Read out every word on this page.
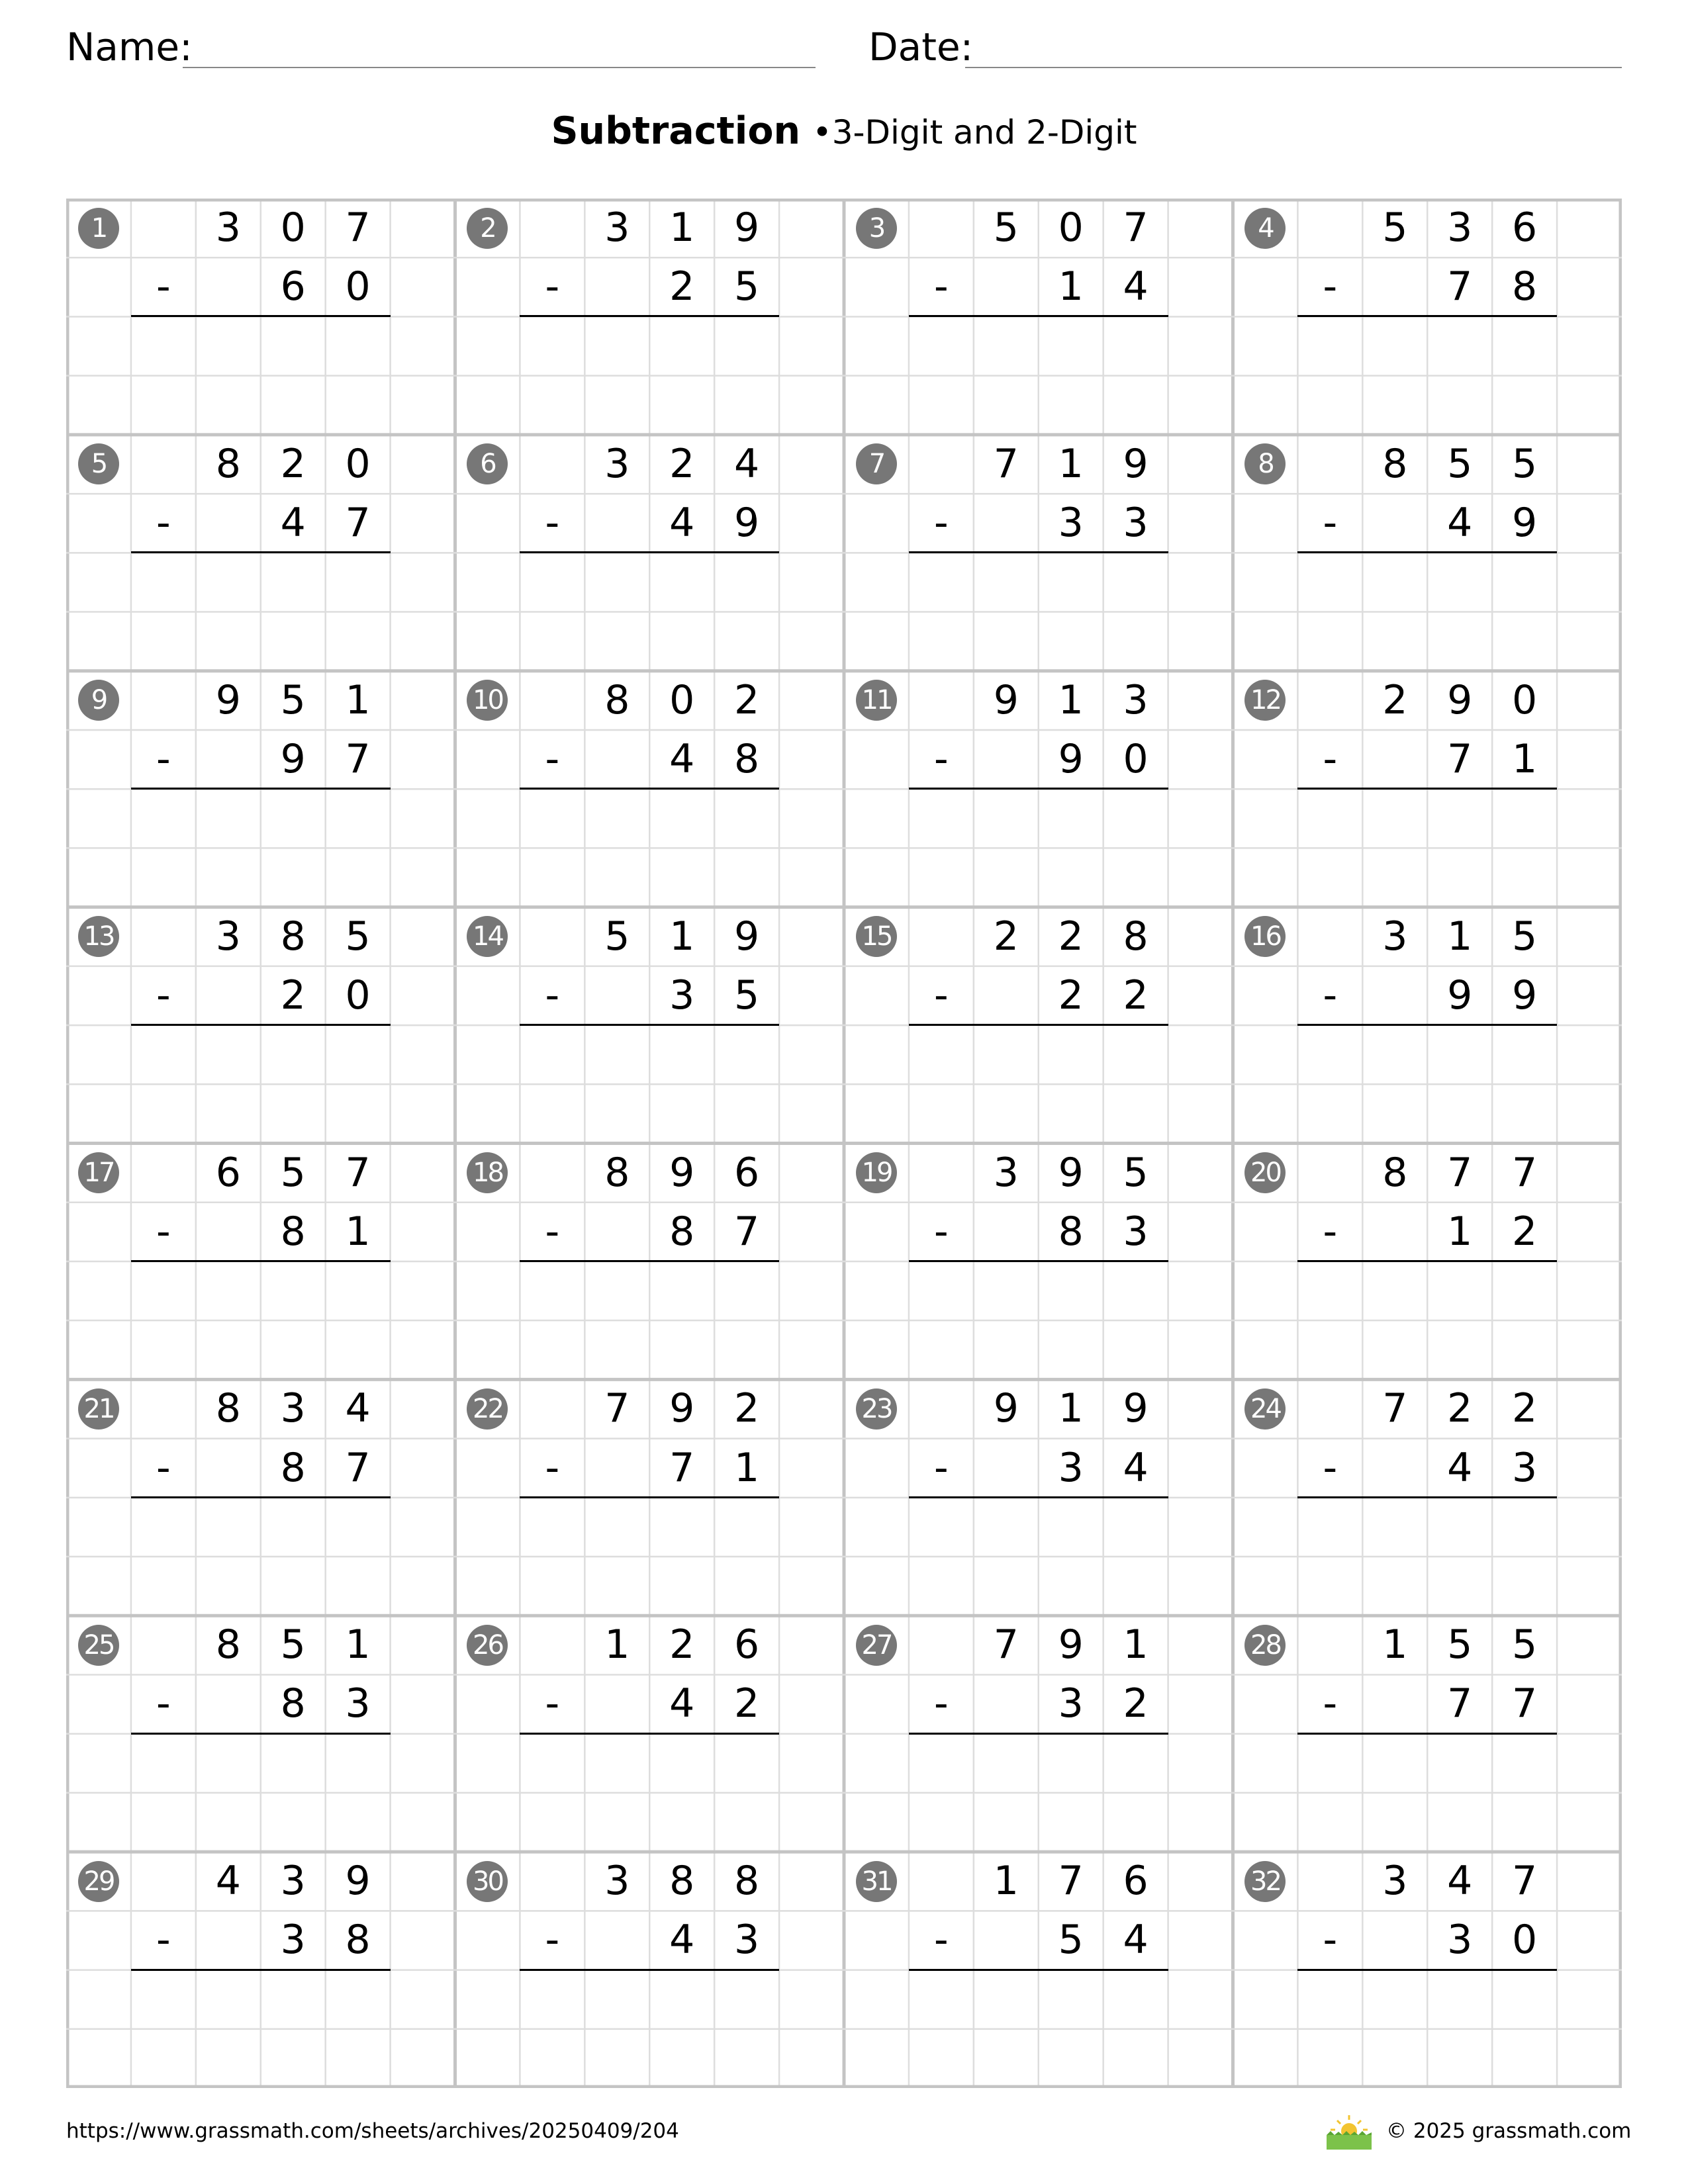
Name:	Date:
Subtraction •3-Digit and 2-Digit
1	3 0 7
-	6 0
2	3 1 9
-	2 5
3	5 0 7
-	1 4
4	5 3 6
-	7 8
5	8 2 0
-	4 7
6	3 2 4
-	4 9
7	7 1 9
-	3 3
8	8 5 5
-	4 9
9	9 5 1
-	9 7
10	8 0 2
-	4 8
11	9 1 3
-	9 0
12	2 9 0
-	7 1
13	3 8 5
-	2 0
14	5 1 9
-	3 5
15	2 2 8
-	2 2
16	3 1 5
-	9 9
17	6 5 7
-	8 1
18	8 9 6
-	8 7
19	3 9 5
-	8 3
20	8 7 7
-	1 2
21	8 3 4
-	8 7
22	7 9 2
-	7 1
23	9 1 9
-	3 4
24	7 2 2
-	4 3
25	8 5 1
-	8 3
26	1 2 6
-	4 2
27	7 9 1
-	3 2
28	1 5 5
-	7 7
29	4 3 9
-	3 8
30	3 8 8
-	4 3
31	1 7 6
-	5 4
32	3 4 7
-	3 0
https://www.grassmath.com/sheets/archives/20250409/204	© 2025 grassmath.com
